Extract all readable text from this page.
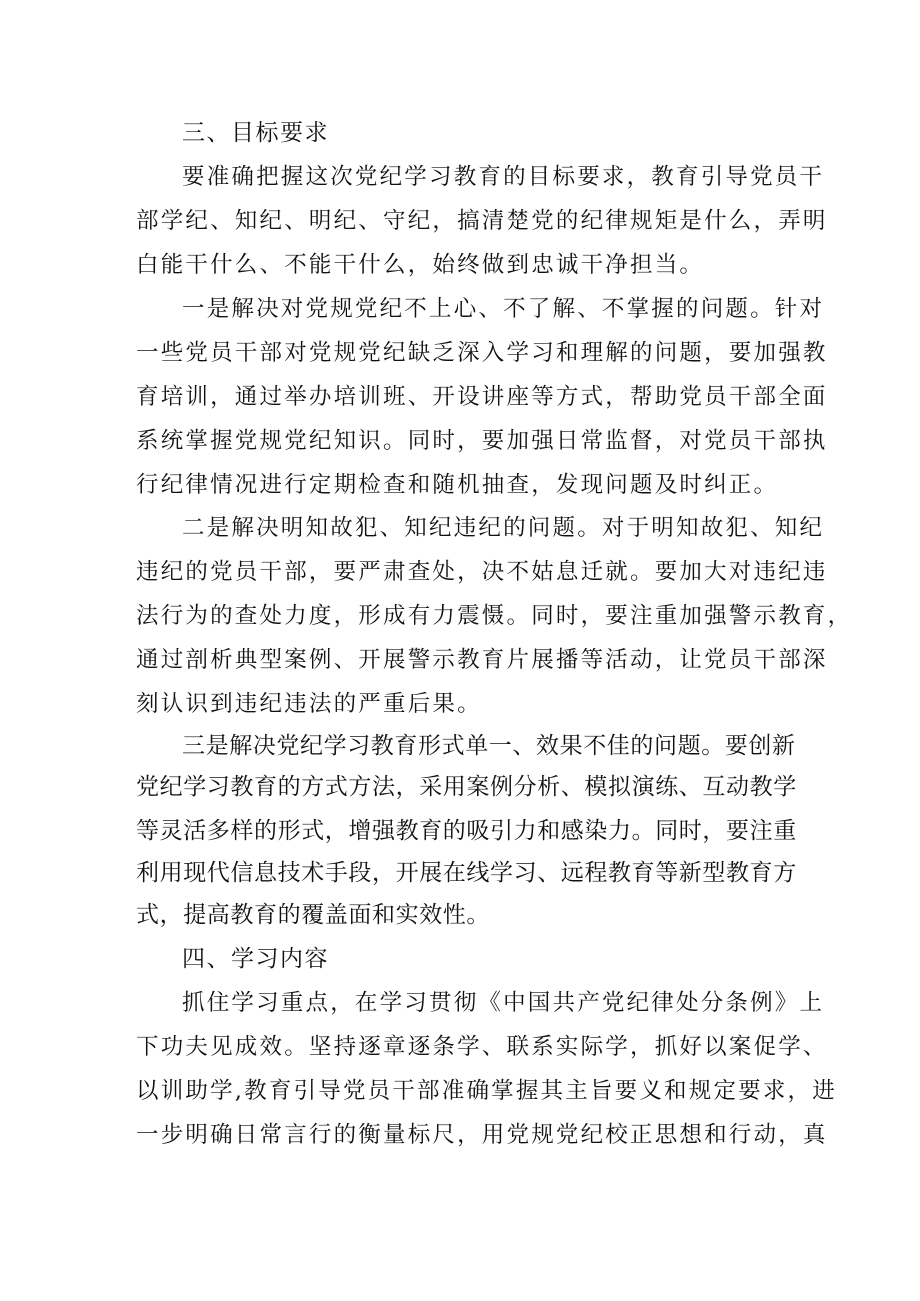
三、目标要求
要准确把握这次党纪学习教育的目标要求，教育引导党员干
部学纪、知纪、明纪、守纪，搞清楚党的纪律规矩是什么，弄明
白能干什么、不能干什么，始终做到忠诚干净担当。
一是解决对党规党纪不上心、不了解、不掌握的问题。针对
一些党员干部对党规党纪缺乏深入学习和理解的问题，要加强教
育培训，通过举办培训班、开设讲座等方式，帮助党员干部全面
系统掌握党规党纪知识。同时，要加强日常监督，对党员干部执
行纪律情况进行定期检查和随机抽查，发现问题及时纠正。
二是解决明知故犯、知纪违纪的问题。对于明知故犯、知纪
违纪的党员干部，要严肃查处，决不姑息迁就。要加大对违纪违
法行为的查处力度，形成有力震慑。同时，要注重加强警示教育，
通过剖析典型案例、开展警示教育片展播等活动，让党员干部深
刻认识到违纪违法的严重后果。
三是解决党纪学习教育形式单一、效果不佳的问题。要创新
党纪学习教育的方式方法，采用案例分析、模拟演练、互动教学
等灵活多样的形式，增强教育的吸引力和感染力。同时，要注重
利用现代信息技术手段，开展在线学习、远程教育等新型教育方
式，提高教育的覆盖面和实效性。
四、学习内容
抓住学习重点，在学习贯彻《中国共产党纪律处分条例》上
下功夫见成效。坚持逐章逐条学、联系实际学，抓好以案促学、
以训助学,教育引导党员干部准确掌握其主旨要义和规定要求，进
一步明确日常言行的衡量标尺，用党规党纪校正思想和行动，真
